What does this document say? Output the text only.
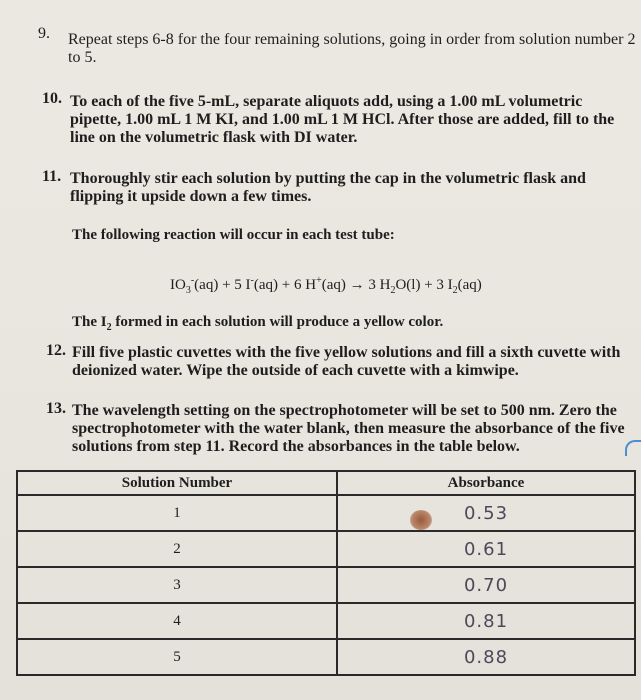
9. Repeat steps 6-8 for the four remaining solutions, going in order from solution number 2 to 5.
10. To each of the five 5-mL, separate aliquots add, using a 1.00 mL volumetric pipette, 1.00 mL 1 M KI, and 1.00 mL 1 M HCl. After those are added, fill to the line on the volumetric flask with DI water.
11. Thoroughly stir each solution by putting the cap in the volumetric flask and flipping it upside down a few times.
The following reaction will occur in each test tube:
$IO_3^-(aq) + 5$ I-(aq) + 6 H+(aq) → 3 $H_2O(l) + 3$ $I_2(aq)$
The $I_2$ formed in each solution will produce a yellow color.
12. Fill five plastic cuvettes with the five yellow solutions and fill a sixth cuvette with deionized water. Wipe the outside of each cuvette with a kimwipe.
13. The wavelength setting on the spectrophotometer will be set to 500 nm. Zero the spectrophotometer with the water blank, then measure the absorbance of the five solutions from step 11. Record the absorbances in the table below.
Solution Number	Absorbance
1	0.53
2	0.61
3	0.70
4	0.81
5	0.88
